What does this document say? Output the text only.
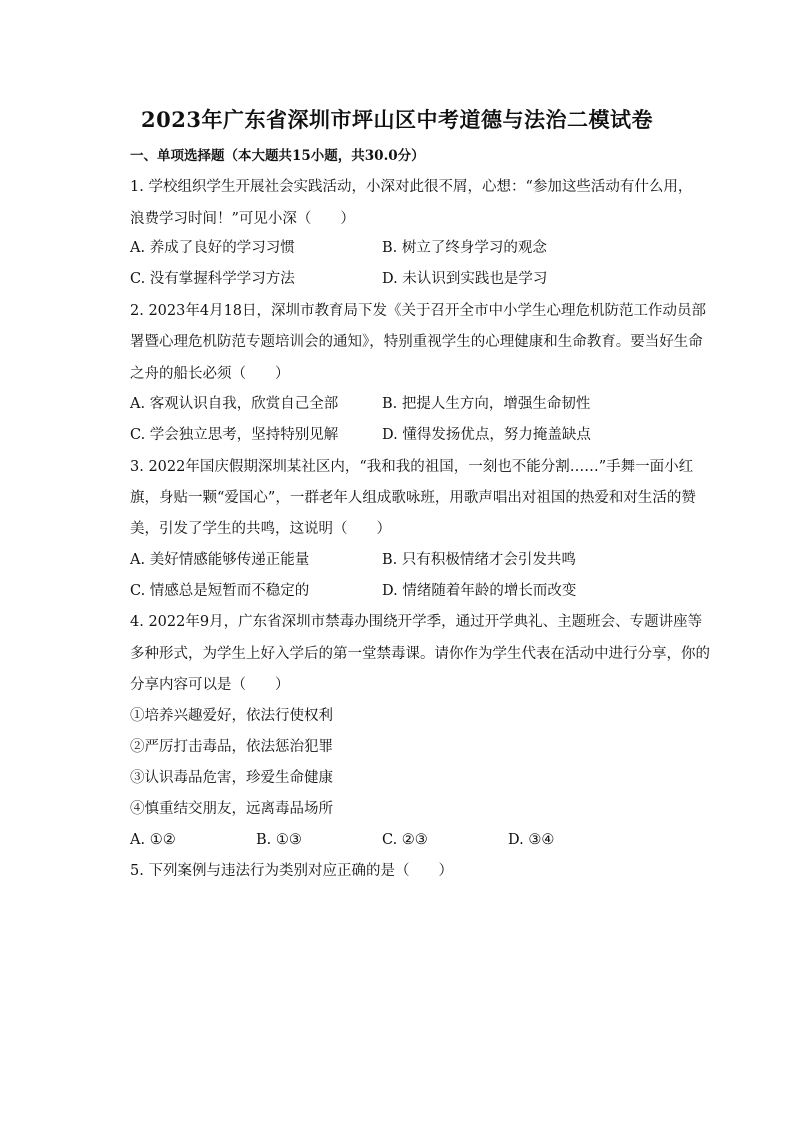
2023年广东省深圳市坪山区中考道德与法治二模试卷
一、单项选择题（本大题共15小题，共30.0分）
1. 学校组织学生开展社会实践活动，小深对此很不屑，心想：“参加这些活动有什么用，
浪费学习时间！”可见小深（　　）
A. 养成了良好的学习习惯	B. 树立了终身学习的观念
C. 没有掌握科学学习方法	D. 未认识到实践也是学习
2. 2023年4月18日，深圳市教育局下发《关于召开全市中小学生心理危机防范工作动员部
署暨心理危机防范专题培训会的通知》，特别重视学生的心理健康和生命教育。要当好生命
之舟的船长必须（　　）
A. 客观认识自我，欣赏自己全部	B. 把提人生方向，增强生命韧性
C. 学会独立思考，坚持特别见解	D. 懂得发扬优点，努力掩盖缺点
3. 2022年国庆假期深圳某社区内，“我和我的祖国，一刻也不能分割……”手舞一面小红
旗，身贴一颗“爱国心”，一群老年人组成歌咏班，用歌声唱出对祖国的热爱和对生活的赞
美，引发了学生的共鸣，这说明（　　）
A. 美好情感能够传递正能量	B. 只有积极情绪才会引发共鸣
C. 情感总是短暂而不稳定的	D. 情绪随着年龄的增长而改变
4. 2022年9月，广东省深圳市禁毒办围绕开学季，通过开学典礼、主题班会、专题讲座等
多种形式，为学生上好入学后的第一堂禁毒课。请你作为学生代表在活动中进行分享，你的
分享内容可以是（　　）
①培养兴趣爱好，依法行使权利
②严厉打击毒品，依法惩治犯罪
③认识毒品危害，珍爱生命健康
④慎重结交朋友，远离毒品场所
A. ①②	B. ①③	C. ②③	D. ③④
5. 下列案例与违法行为类别对应正确的是（　　）
